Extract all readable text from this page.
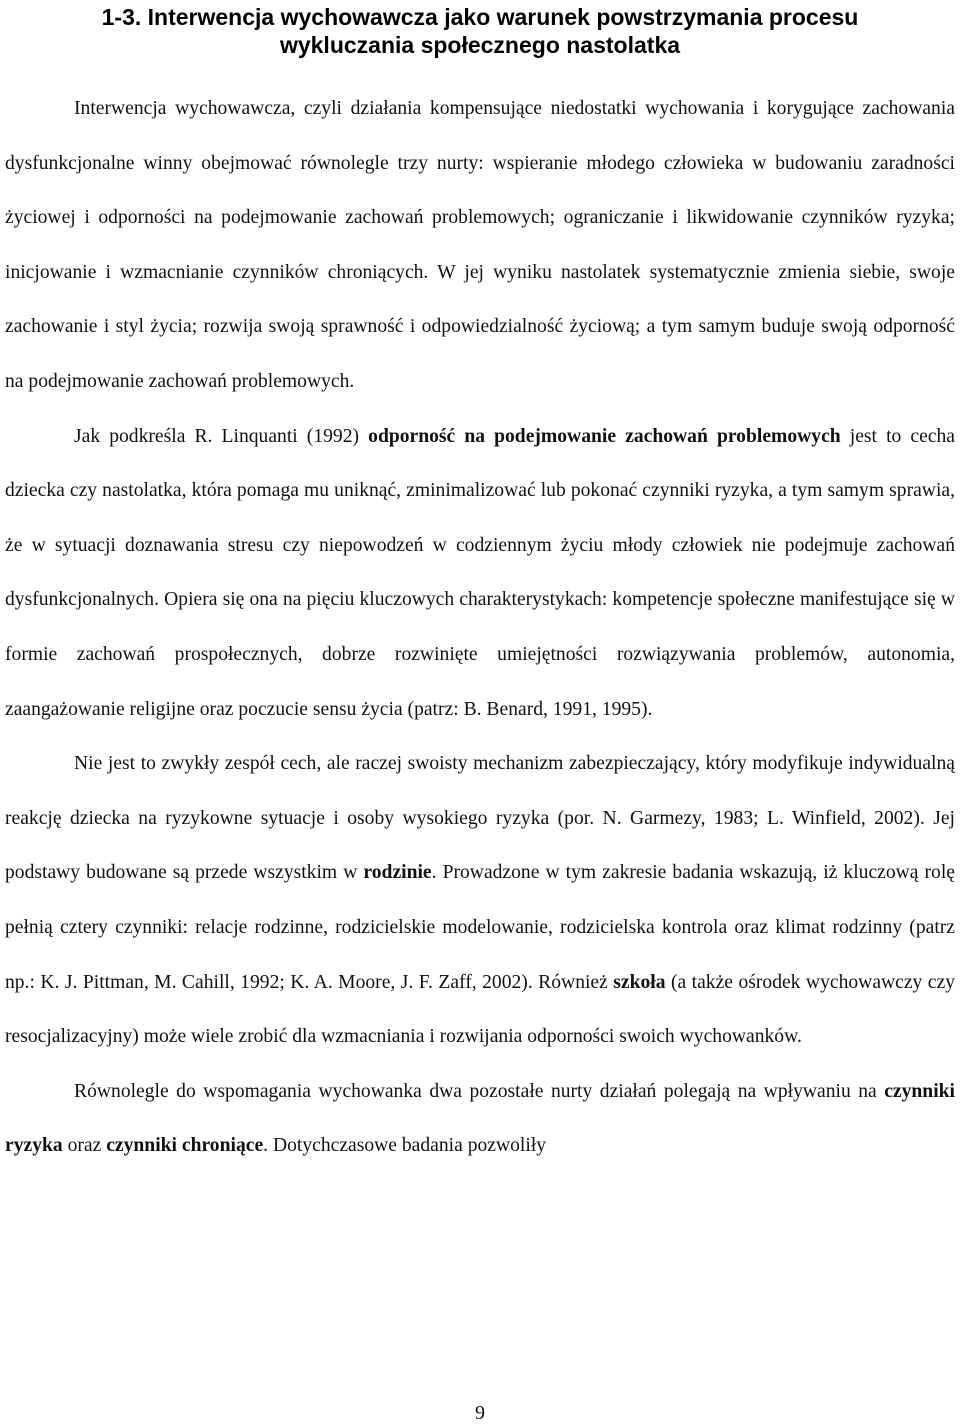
1-3. Interwencja wychowawcza jako warunek powstrzymania procesu
wykluczania społecznego nastolatka

Interwencja wychowawcza, czyli działania kompensujące niedostatki wychowania i korygujące zachowania dysfunkcjonalne winny obejmować równolegle trzy nurty: wspieranie młodego człowieka w budowaniu zaradności życiowej i odporności na podejmowanie zachowań problemowych; ograniczanie i likwidowanie czynników ryzyka; inicjowanie i wzmacnianie czynników chroniących. W jej wyniku nastolatek systematycznie zmienia siebie, swoje zachowanie i styl życia; rozwija swoją sprawność i odpowiedzialność życiową; a tym samym buduje swoją odporność na podejmowanie zachowań problemowych.

Jak podkreśla R. Linquanti (1992) odporność na podejmowanie zachowań problemowych jest to cecha dziecka czy nastolatka, która pomaga mu uniknąć, zminimalizować lub pokonać czynniki ryzyka, a tym samym sprawia, że w sytuacji doznawania stresu czy niepowodzeń w codziennym życiu młody człowiek nie podejmuje zachowań dysfunkcjonalnych. Opiera się ona na pięciu kluczowych charakterystykach: kompetencje społeczne manifestujące się w formie zachowań prospołecznych, dobrze rozwinięte umiejętności rozwiązywania problemów, autonomia, zaangażowanie religijne oraz poczucie sensu życia (patrz: B. Benard, 1991, 1995).

Nie jest to zwykły zespół cech, ale raczej swoisty mechanizm zabezpieczający, który modyfikuje indywidualną reakcję dziecka na ryzykowne sytuacje i osoby wysokiego ryzyka (por. N. Garmezy, 1983; L. Winfield, 2002). Jej podstawy budowane są przede wszystkim w rodzinie. Prowadzone w tym zakresie badania wskazują, iż kluczową rolę pełnią cztery czynniki: relacje rodzinne, rodzicielskie modelowanie, rodzicielska kontrola oraz klimat rodzinny (patrz np.: K. J. Pittman, M. Cahill, 1992; K. A. Moore, J. F. Zaff, 2002). Również szkoła (a także ośrodek wychowawczy czy resocjalizacyjny) może wiele zrobić dla wzmacniania i rozwijania odporności swoich wychowanków.

Równolegle do wspomagania wychowanka dwa pozostałe nurty działań polegają na wpływaniu na czynniki ryzyka oraz czynniki chroniące. Dotychczasowe badania pozwoliły

9
